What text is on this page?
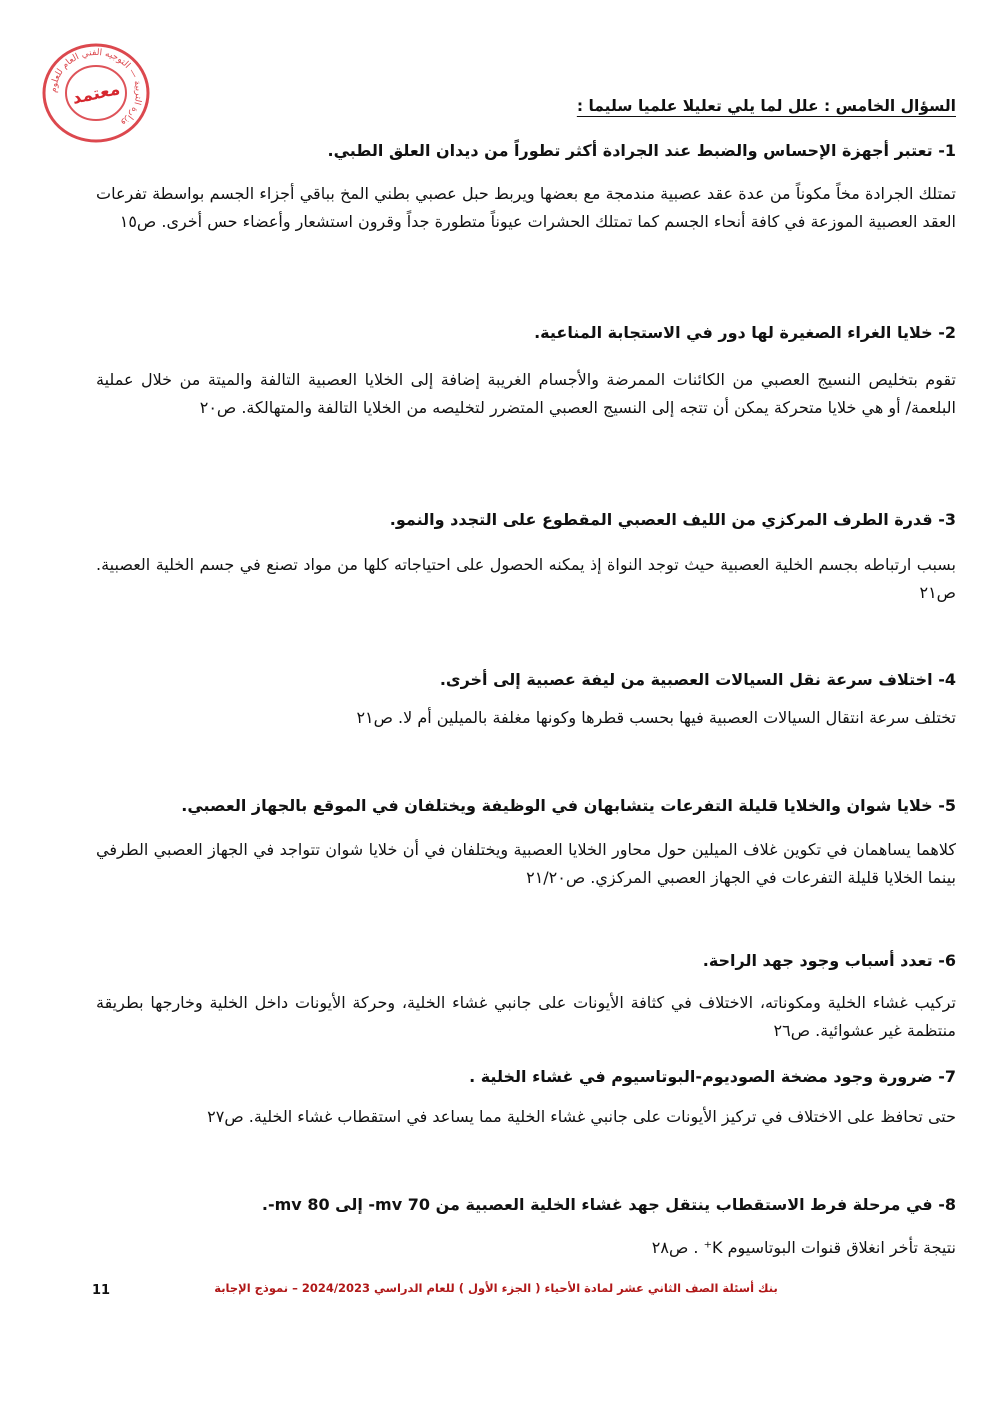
وزارة التربية — التوجيه الفني العام للعلوم
معتمد	السؤال الخامس : علل لما يلي تعليلا علميا سليما :
1- تعتبر أجهزة الإحساس والضبط عند الجرادة أكثر تطوراً من ديدان العلق الطبي.
تمتلك الجرادة مخاً مكوناً من عدة عقد عصبية مندمجة مع بعضها ويربط حبل عصبي بطني المخ بباقي أجزاء الجسم بواسطة تفرعات العقد العصبية الموزعة في كافة أنحاء الجسم كما تمتلك الحشرات عيوناً متطورة جداً وقرون استشعار وأعضاء حس أخرى. ص١٥
2- خلايا الغراء الصغيرة لها دور في الاستجابة المناعية.
تقوم بتخليص النسيج العصبي من الكائنات الممرضة والأجسام الغريبة إضافة إلى الخلايا العصبية التالفة والميتة من خلال عملية البلعمة/ أو هي خلايا متحركة يمكن أن تتجه إلى النسيج العصبي المتضرر لتخليصه من الخلايا التالفة والمتهالكة. ص٢٠
3- قدرة الطرف المركزي من الليف العصبي المقطوع على التجدد والنمو.
بسبب ارتباطه بجسم الخلية العصبية حيث توجد النواة إذ يمكنه الحصول على احتياجاته كلها من مواد تصنع في جسم الخلية العصبية. ص٢١
4- اختلاف سرعة نقل السيالات العصبية من ليفة عصبية إلى أخرى.
تختلف سرعة انتقال السيالات العصبية فيها بحسب قطرها وكونها مغلفة بالميلين أم لا. ص٢١
5- خلايا شوان والخلايا قليلة التفرعات يتشابهان في الوظيفة ويختلفان في الموقع بالجهاز العصبي.
كلاهما يساهمان في تكوين غلاف الميلين حول محاور الخلايا العصبية ويختلفان في أن خلايا شوان تتواجد في الجهاز العصبي الطرفي بينما الخلايا قليلة التفرعات في الجهاز العصبي المركزي. ص٢١/٢٠
6- تعدد أسباب وجود جهد الراحة.
تركيب غشاء الخلية ومكوناته، الاختلاف في كثافة الأيونات على جانبي غشاء الخلية، وحركة الأيونات داخل الخلية وخارجها بطريقة منتظمة غير عشوائية. ص٢٦
7- ضرورة وجود مضخة الصوديوم-البوتاسيوم في غشاء الخلية .
حتى تحافظ على الاختلاف في تركيز الأيونات على جانبي غشاء الخلية مما يساعد في استقطاب غشاء الخلية. ص٢٧
8- في مرحلة فرط الاستقطاب ينتقل جهد غشاء الخلية العصبية من 70 mv- إلى 80 mv-.
نتيجة تأخر انغلاق قنوات البوتاسيوم K⁺ . ص٢٨
بنك أسئلة الصف الثاني عشر لمادة الأحياء ( الجزء الأول ) للعام الدراسي 2024/2023 – نموذج الإجابة
11
